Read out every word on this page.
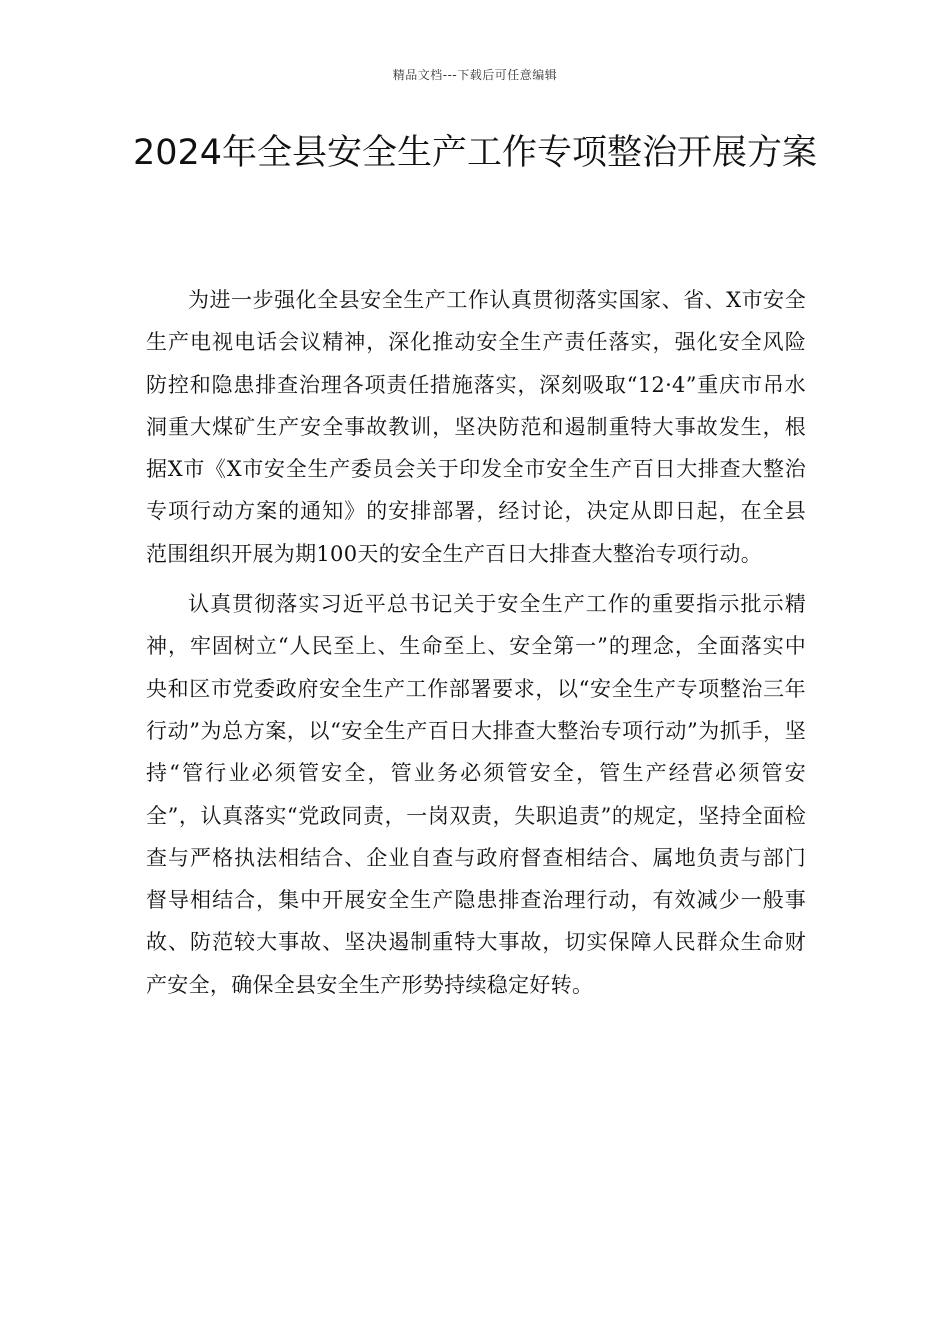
精品文档---下载后可任意编辑
2024年全县安全生产工作专项整治开展方案

为进一步强化全县安全生产工作认真贯彻落实国家、省、X市安全生产电视电话会议精神，深化推动安全生产责任落实，强化安全风险防控和隐患排查治理各项责任措施落实，深刻吸取“12·4”重庆市吊水洞重大煤矿生产安全事故教训，坚决防范和遏制重特大事故发生，根据X市《X市安全生产委员会关于印发全市安全生产百日大排查大整治专项行动方案的通知》的安排部署，经讨论，决定从即日起，在全县范围组织开展为期100天的安全生产百日大排查大整治专项行动。

认真贯彻落实习近平总书记关于安全生产工作的重要指示批示精神，牢固树立“人民至上、生命至上、安全第一”的理念，全面落实中央和区市党委政府安全生产工作部署要求，以“安全生产专项整治三年行动”为总方案，以“安全生产百日大排查大整治专项行动”为抓手，坚持“管行业必须管安全，管业务必须管安全，管生产经营必须管安全”，认真落实“党政同责，一岗双责，失职追责”的规定，坚持全面检查与严格执法相结合、企业自查与政府督查相结合、属地负责与部门督导相结合，集中开展安全生产隐患排查治理行动，有效减少一般事故、防范较大事故、坚决遏制重特大事故，切实保障人民群众生命财产安全，确保全县安全生产形势持续稳定好转。
